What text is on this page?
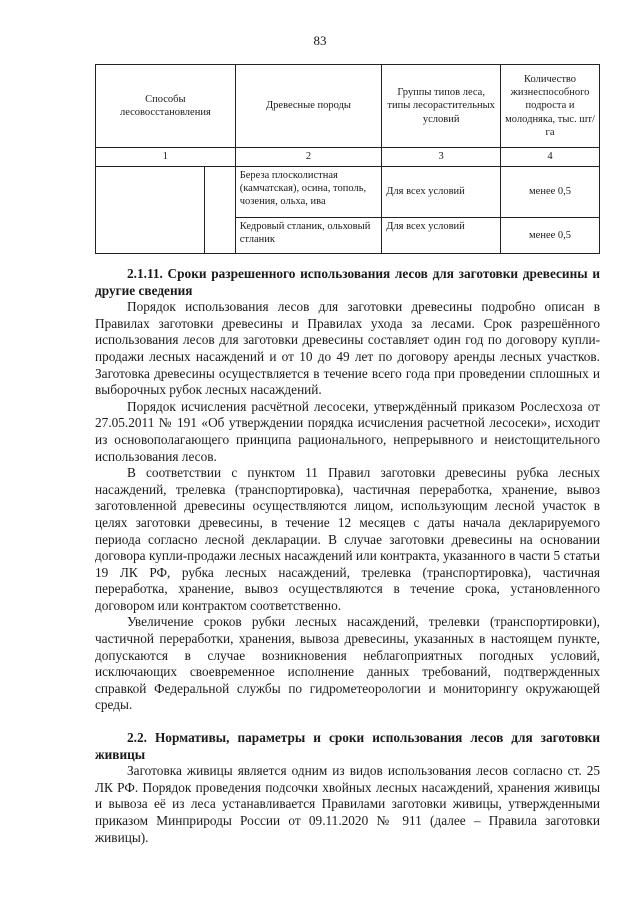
83
Способы лесовосстановления	Древесные породы	Группы типов леса, типы лесорастительных условий	Количество жизнеспособного подроста и молодняка, тыс. шт/га
1	2	3	4

	Береза плосколистная (камчатская), осина, тополь, чозения, ольха, ива	Для всех условий	менее 0,5
	Кедровый стланик, ольховый стланик	Для всех условий	менее 0,5

2.1.11. Сроки разрешенного использования лесов для заготовки древесины и другие сведения

Порядок использования лесов для заготовки древесины подробно описан в Правилах заготовки древесины и Правилах ухода за лесами. Срок разрешённого использования лесов для заготовки древесины составляет один год по договору купли-продажи лесных насаждений и от 10 до 49 лет по договору аренды лесных участков. Заготовка древесины осуществляется в течение всего года при проведении сплошных и выборочных рубок лесных насаждений.

Порядок исчисления расчётной лесосеки, утверждённый приказом Рослесхоза от 27.05.2011 № 191 «Об утверждении порядка исчисления расчетной лесосеки», исходит из основополагающего принципа рационального, непрерывного и неистощительного использования лесов.

В соответствии с пунктом 11 Правил заготовки древесины рубка лесных насаждений, трелевка (транспортировка), частичная переработка, хранение, вывоз заготовленной древесины осуществляются лицом, использующим лесной участок в целях заготовки древесины, в течение 12 месяцев с даты начала декларируемого периода согласно лесной декларации. В случае заготовки древесины на основании договора купли-продажи лесных насаждений или контракта, указанного в части 5 статьи 19 ЛК РФ, рубка лесных насаждений, трелевка (транспортировка), частичная переработка, хранение, вывоз осуществляются в течение срока, установленного договором или контрактом соответственно.

Увеличение сроков рубки лесных насаждений, трелевки (транспортировки), частичной переработки, хранения, вывоза древесины, указанных в настоящем пункте, допускаются в случае возникновения неблагоприятных погодных условий, исключающих своевременное исполнение данных требований, подтвержденных справкой Федеральной службы по гидрометеорологии и мониторингу окружающей среды.

2.2. Нормативы, параметры и сроки использования лесов для заготовки живицы

Заготовка живицы является одним из видов использования лесов согласно ст. 25 ЛК РФ. Порядок проведения подсочки хвойных лесных насаждений, хранения живицы и вывоза её из леса устанавливается Правилами заготовки живицы, утвержденными приказом Минприроды России от 09.11.2020 № 911 (далее – Правила заготовки живицы).
